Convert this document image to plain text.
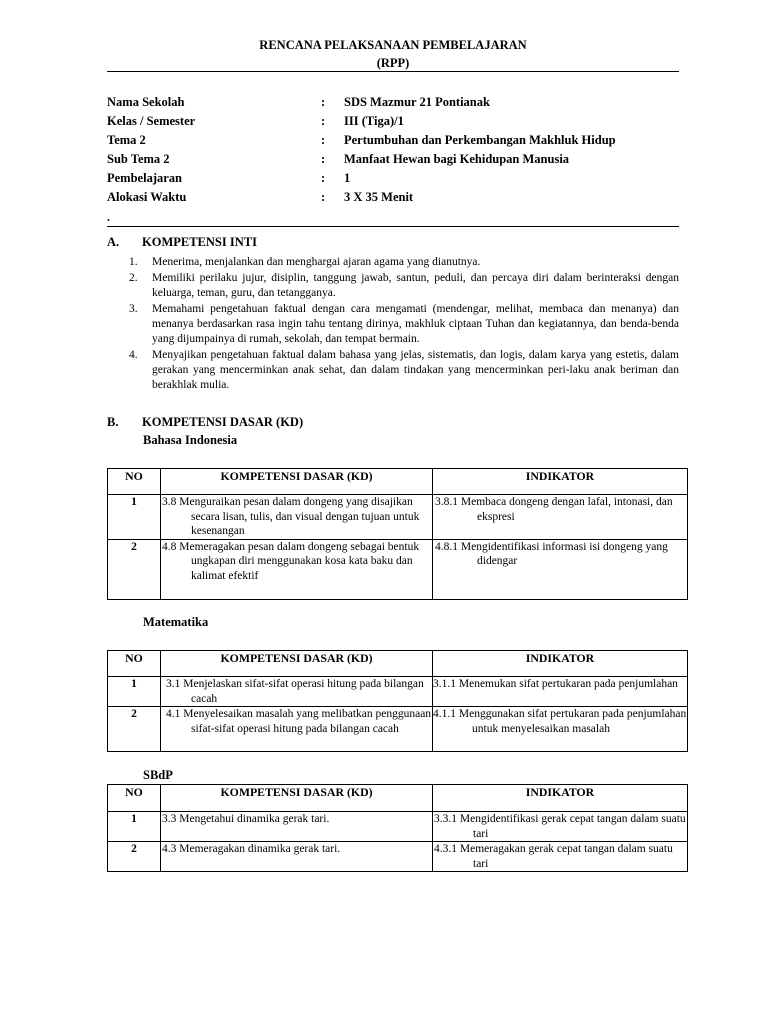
RENCANA PELAKSANAAN PEMBELAJARAN
(RPP)
Nama Sekolah	: SDS Mazmur 21 Pontianak
Kelas / Semester	: III (Tiga)/1
Tema 2	: Pertumbuhan dan Perkembangan Makhluk Hidup
Sub Tema 2	: Manfaat Hewan bagi Kehidupan Manusia
Pembelajaran	: 1
Alokasi Waktu	: 3 X 35 Menit
.
A. KOMPETENSI INTI
1. Menerima, menjalankan dan menghargai ajaran agama yang dianutnya.
2. Memiliki perilaku jujur, disiplin, tanggung jawab, santun, peduli, dan percaya diri dalam berinteraksi dengan keluarga, teman, guru, dan tetangganya.
3. Memahami pengetahuan faktual dengan cara mengamati (mendengar, melihat, membaca dan menanya) dan menanya berdasarkan rasa ingin tahu tentang dirinya, makhluk ciptaan Tuhan dan kegiatannya, dan benda-benda yang dijumpainya di rumah, sekolah, dan tempat bermain.
4. Menyajikan pengetahuan faktual dalam bahasa yang jelas, sistematis, dan logis, dalam karya yang estetis, dalam gerakan yang mencerminkan anak sehat, dan dalam tindakan yang mencerminkan peri-laku anak beriman dan berakhlak mulia.
B. KOMPETENSI DASAR (KD)
Bahasa Indonesia
NO	KOMPETENSI DASAR (KD)	INDIKATOR
1	3.8 Menguraikan pesan dalam dongeng yang disajikan secara lisan, tulis, dan visual dengan tujuan untuk kesenangan	3.8.1 Membaca dongeng dengan lafal, intonasi, dan ekspresi

2	4.8 Memeragakan pesan dalam dongeng sebagai bentuk ungkapan diri menggunakan kosa kata baku dan kalimat efektif	4.8.1 Mengidentifikasi informasi isi dongeng yang didengar
Matematika
NO	KOMPETENSI DASAR (KD)	INDIKATOR
1	3.1 Menjelaskan sifat-sifat operasi hitung pada bilangan cacah	3.1.1 Menemukan sifat pertukaran pada penjumlahan

2	4.1 Menyelesaikan masalah yang melibatkan penggunaan sifat-sifat operasi hitung pada bilangan cacah	4.1.1 Menggunakan sifat pertukaran pada penjumlahan untuk menyelesaikan masalah
SBdP
NO	KOMPETENSI DASAR (KD)	INDIKATOR
1	3.3 Mengetahui dinamika gerak tari.	3.3.1 Mengidentifikasi gerak cepat tangan dalam suatu tari

2	4.3 Memeragakan dinamika gerak tari.	4.3.1 Memeragakan gerak cepat tangan dalam suatu tari
